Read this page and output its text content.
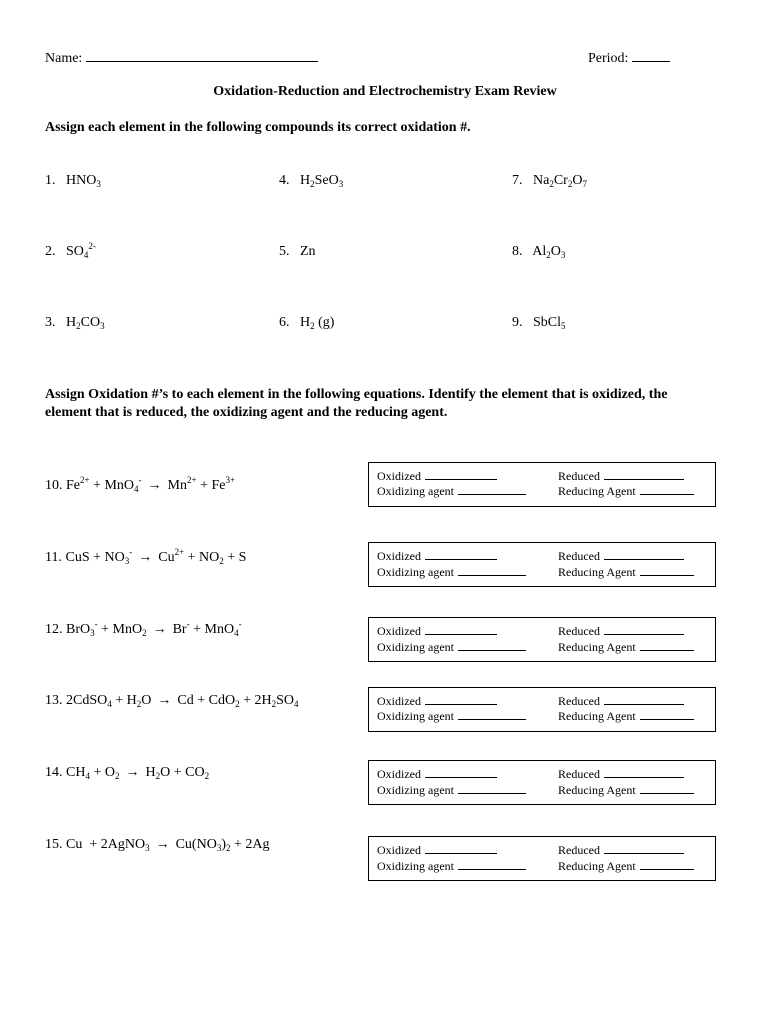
Name:	Period:
Oxidation-Reduction and Electrochemistry Exam Review
Assign each element in the following compounds its correct oxidation #.
1. $HNO_3$	4. $H_2SeO_3$	7. $Na_2Cr_2O_7$
2. $SO_4^{2-}$	5. Zn	8. $Al_2O_3$
3. $H_2CO_3$	6. $H_2$ (g)	9. SbCl$_5$
Assign Oxidation #’s to each element in the following equations. Identify the element that is oxidized, the
element that is reduced, the oxidizing agent and the reducing agent.
10. $Fe^{2+} + MnO_4^- \to Mn^{2+} + Fe^{3+}$	Oxidized	Reduced
Oxidizing agent	Reducing Agent
11. CuS + $NO_3^- \to Cu^{2+} + NO_2 + S$	Oxidized	Reduced
Oxidizing agent	Reducing Agent
12. BrO$_3$- + MnO$_2$ → Br- + MnO$_4$-	Oxidized	Reduced
Oxidizing agent	Reducing Agent
13. 2CdSO$_4$ + $H_2O \to Cd + CdO_2 + 2H_2SO_4$	Oxidized	Reduced
Oxidizing agent	Reducing Agent
14. $CH_4 + O_2 \to H_2O + CO_2$	Oxidized	Reduced
Oxidizing agent	Reducing Agent
15. Cu  + 2AgNO$_3$ → $Cu(NO_3)_2 + 2Ag$	Oxidized	Reduced
Oxidizing agent	Reducing Agent
